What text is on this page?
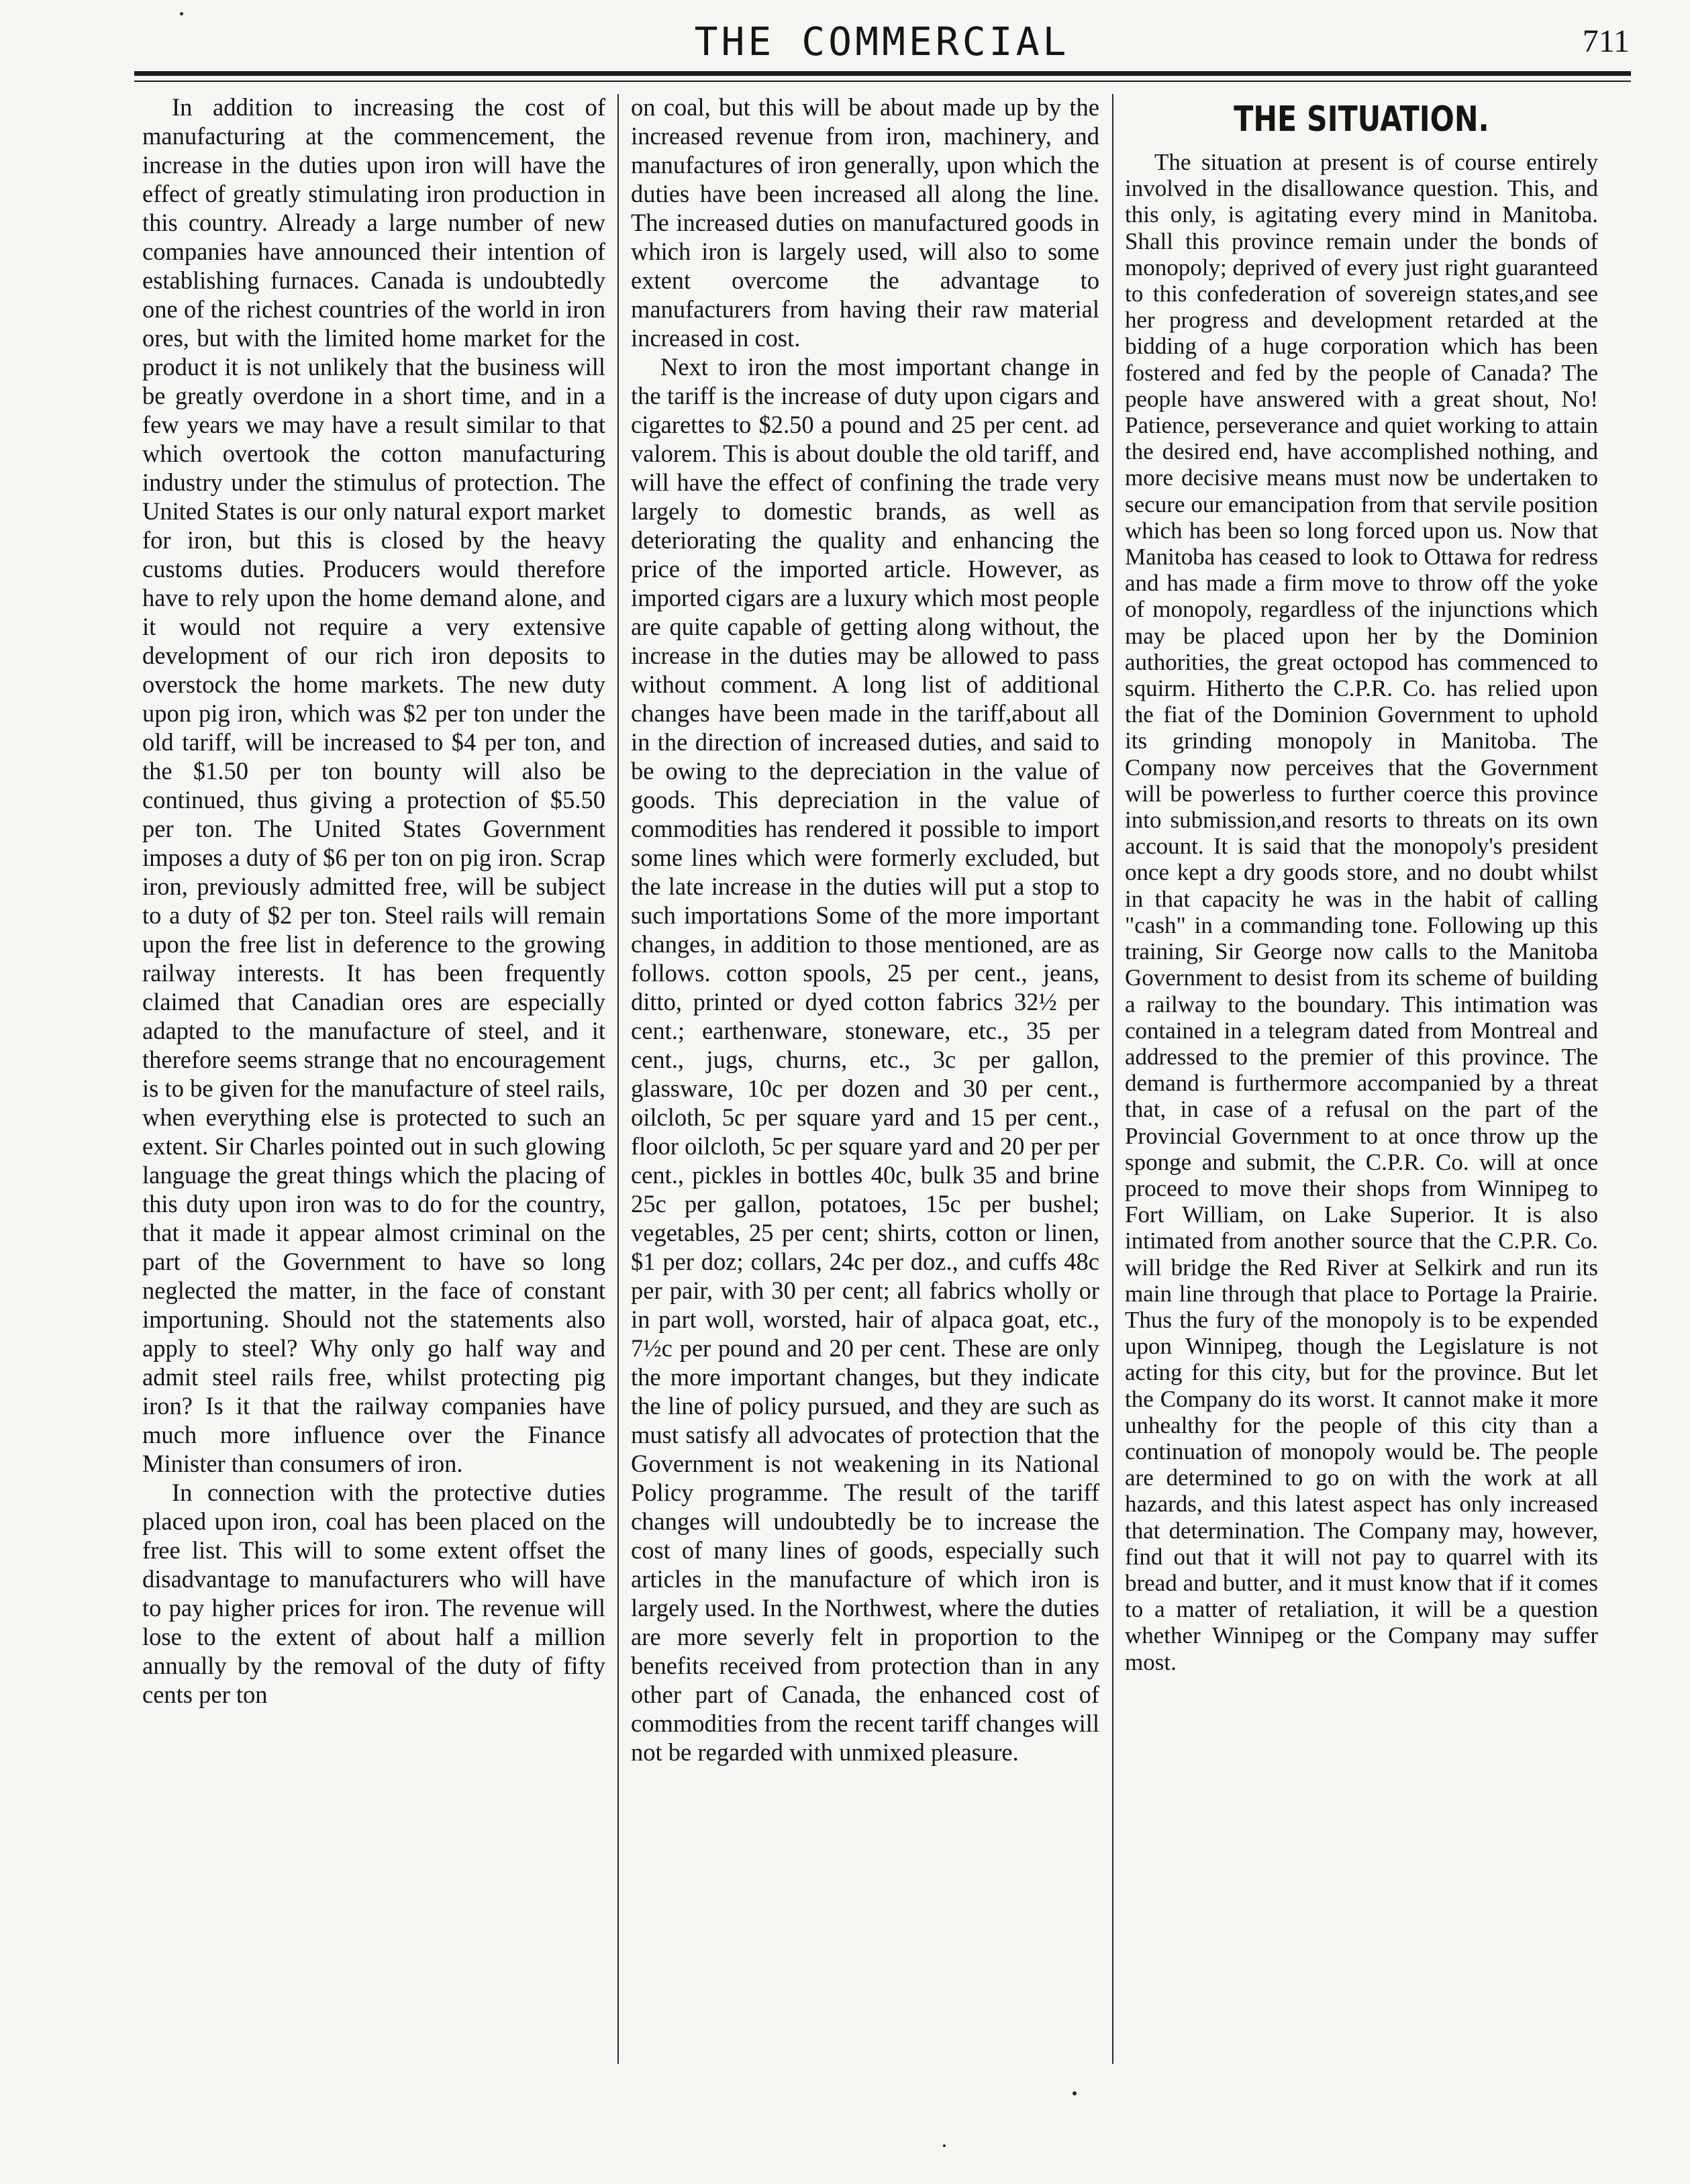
THE COMMERCIAL	711

In addition to increasing the cost of manufacturing at the commencement, the increase in the duties upon iron will have the effect of greatly stimulating iron production in this country. Already a large number of new companies have announced their intention of establishing furnaces. Canada is undoubtedly one of the richest countries of the world in iron ores, but with the limited home market for the product it is not unlikely that the business will be greatly overdone in a short time, and in a few years we may have a result similar to that which overtook the cotton manufacturing industry under the stimulus of protection. The United States is our only natural export market for iron, but this is closed by the heavy customs duties. Producers would therefore have to rely upon the home demand alone, and it would not require a very extensive development of our rich iron deposits to overstock the home markets. The new duty upon pig iron, which was $2 per ton under the old tariff, will be increased to $4 per ton, and the $1.50 per ton bounty will also be continued, thus giving a protection of $5.50 per ton. The United States Government imposes a duty of $6 per ton on pig iron. Scrap iron, previously admitted free, will be subject to a duty of $2 per ton. Steel rails will remain upon the free list in deference to the growing railway interests. It has been frequently claimed that Canadian ores are especially adapted to the manufacture of steel, and it therefore seems strange that no encouragement is to be given for the manufacture of steel rails, when everything else is protected to such an extent. Sir Charles pointed out in such glowing language the great things which the placing of this duty upon iron was to do for the country, that it made it appear almost criminal on the part of the Government to have so long neglected the matter, in the face of constant importuning. Should not the statements also apply to steel? Why only go half way and admit steel rails free, whilst protecting pig iron? Is it that the railway companies have much more influence over the Finance Minister than consumers of iron.

In connection with the protective duties placed upon iron, coal has been placed on the free list. This will to some extent offset the disadvantage to manufacturers who will have to pay higher prices for iron. The revenue will lose to the extent of about half a million annually by the removal of the duty of fifty cents per ton

on coal, but this will be about made up by the increased revenue from iron, machinery, and manufactures of iron generally, upon which the duties have been increased all along the line. The increased duties on manufactured goods in which iron is largely used, will also to some extent overcome the advantage to manufacturers from having their raw material increased in cost.

Next to iron the most important change in the tariff is the increase of duty upon cigars and cigarettes to $2.50 a pound and 25 per cent. ad valorem. This is about double the old tariff, and will have the effect of confining the trade very largely to domestic brands, as well as deteriorating the quality and enhancing the price of the imported article. However, as imported cigars are a luxury which most people are quite capable of getting along without, the increase in the duties may be allowed to pass without comment. A long list of additional changes have been made in the tariff,about all in the direction of increased duties, and said to be owing to the depreciation in the value of goods. This depreciation in the value of commodities has rendered it possible to import some lines which were formerly excluded, but the late increase in the duties will put a stop to such importations Some of the more important changes, in addition to those mentioned, are as follows. cotton spools, 25 per cent., jeans, ditto, printed or dyed cotton fabrics 32½ per cent.; earthenware, stoneware, etc., 35 per cent., jugs, churns, etc., 3c per gallon, glassware, 10c per dozen and 30 per cent., oilcloth, 5c per square yard and 15 per cent., floor oilcloth, 5c per square yard and 20 per per cent., pickles in bottles 40c, bulk 35 and brine 25c per gallon, potatoes, 15c per bushel; vegetables, 25 per cent; shirts, cotton or linen, $1 per doz; collars, 24c per doz., and cuffs 48c per pair, with 30 per cent; all fabrics wholly or in part woll, worsted, hair of alpaca goat, etc., 7½c per pound and 20 per cent. These are only the more important changes, but they indicate the line of policy pursued, and they are such as must satisfy all advocates of protection that the Government is not weakening in its National Policy programme. The result of the tariff changes will undoubtedly be to increase the cost of many lines of goods, especially such articles in the manufacture of which iron is largely used. In the Northwest, where the duties are more severly felt in proportion to the benefits received from protection than in any other part of Canada, the enhanced cost of commodities from the recent tariff changes will not be regarded with unmixed pleasure.

THE SITUATION.

The situation at present is of course entirely involved in the disallowance question. This, and this only, is agitating every mind in Manitoba. Shall this province remain under the bonds of monopoly; deprived of every just right guaranteed to this confederation of sovereign states,and see her progress and development retarded at the bidding of a huge corporation which has been fostered and fed by the people of Canada? The people have answered with a great shout, No! Patience, perseverance and quiet working to attain the desired end, have accomplished nothing, and more decisive means must now be undertaken to secure our emancipation from that servile position which has been so long forced upon us. Now that Manitoba has ceased to look to Ottawa for redress and has made a firm move to throw off the yoke of monopoly, regardless of the injunctions which may be placed upon her by the Dominion authorities, the great octopod has commenced to squirm. Hitherto the C.P.R. Co. has relied upon the fiat of the Dominion Government to uphold its grinding monopoly in Manitoba. The Company now perceives that the Government will be powerless to further coerce this province into submission,and resorts to threats on its own account. It is said that the monopoly's president once kept a dry goods store, and no doubt whilst in that capacity he was in the habit of calling "cash" in a commanding tone. Following up this training, Sir George now calls to the Manitoba Government to desist from its scheme of building a railway to the boundary. This intimation was contained in a telegram dated from Montreal and addressed to the premier of this province. The demand is furthermore accompanied by a threat that, in case of a refusal on the part of the Provincial Government to at once throw up the sponge and submit, the C.P.R. Co. will at once proceed to move their shops from Winnipeg to Fort William, on Lake Superior. It is also intimated from another source that the C.P.R. Co. will bridge the Red River at Selkirk and run its main line through that place to Portage la Prairie. Thus the fury of the monopoly is to be expended upon Winnipeg, though the Legislature is not acting for this city, but for the province. But let the Company do its worst. It cannot make it more unhealthy for the people of this city than a continuation of monopoly would be. The people are determined to go on with the work at all hazards, and this latest aspect has only increased that determination. The Company may, however, find out that it will not pay to quarrel with its bread and butter, and it must know that if it comes to a matter of retaliation, it will be a question whether Winnipeg or the Company may suffer most.
